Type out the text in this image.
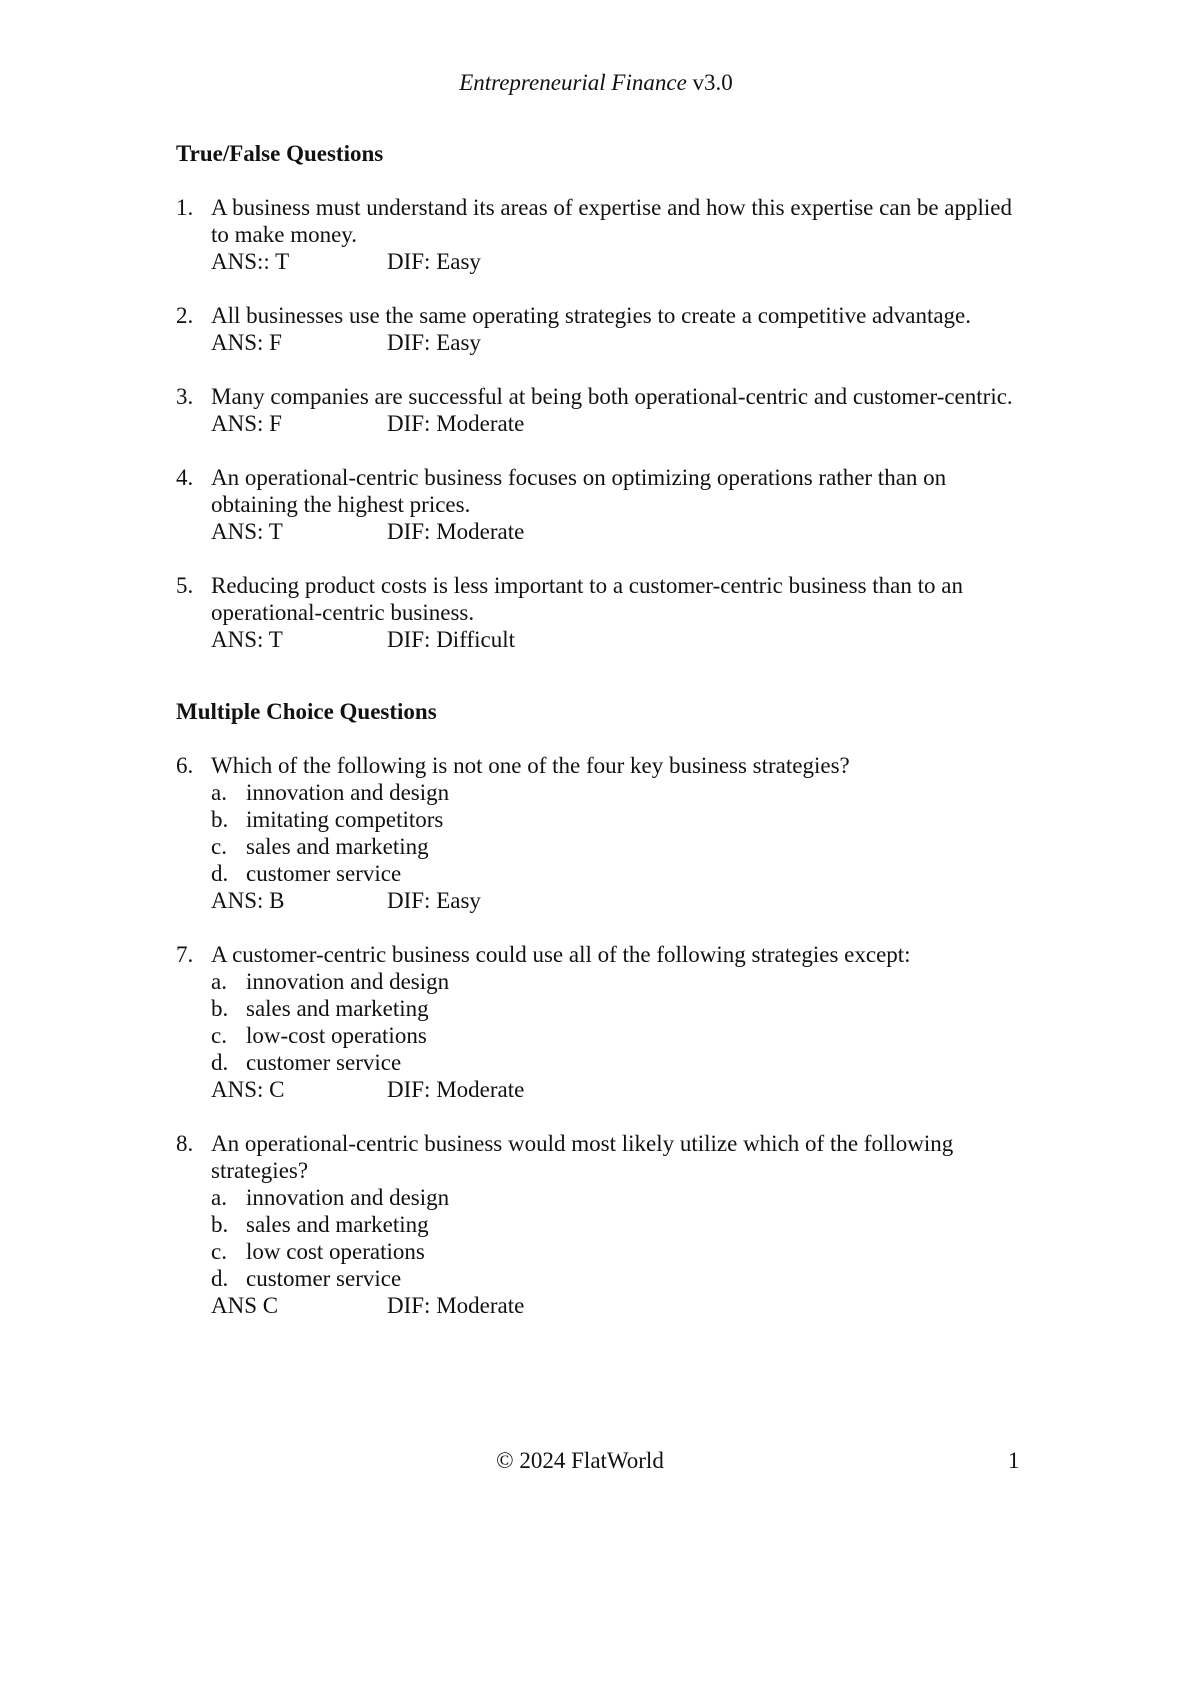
Entrepreneurial Finance v3.0

True/False Questions

1. A business must understand its areas of expertise and how this expertise can be applied to make money.
ANS:: T	DIF: Easy
2. All businesses use the same operating strategies to create a competitive advantage.
ANS: F	DIF: Easy
3. Many companies are successful at being both operational-centric and customer-centric.
ANS: F	DIF: Moderate
4. An operational-centric business focuses on optimizing operations rather than on obtaining the highest prices.
ANS: T	DIF: Moderate
5. Reducing product costs is less important to a customer-centric business than to an operational-centric business.
ANS: T	DIF: Difficult

Multiple Choice Questions

6. Which of the following is not one of the four key business strategies?
a. innovation and design
b. imitating competitors
c. sales and marketing
d. customer service
ANS: B	DIF: Easy
7. A customer-centric business could use all of the following strategies except:
a. innovation and design
b. sales and marketing
c. low-cost operations
d. customer service
ANS: C	DIF: Moderate
8. An operational-centric business would most likely utilize which of the following strategies?
a. innovation and design
b. sales and marketing
c. low cost operations
d. customer service
ANS C	DIF: Moderate
© 2024 FlatWorld	1
